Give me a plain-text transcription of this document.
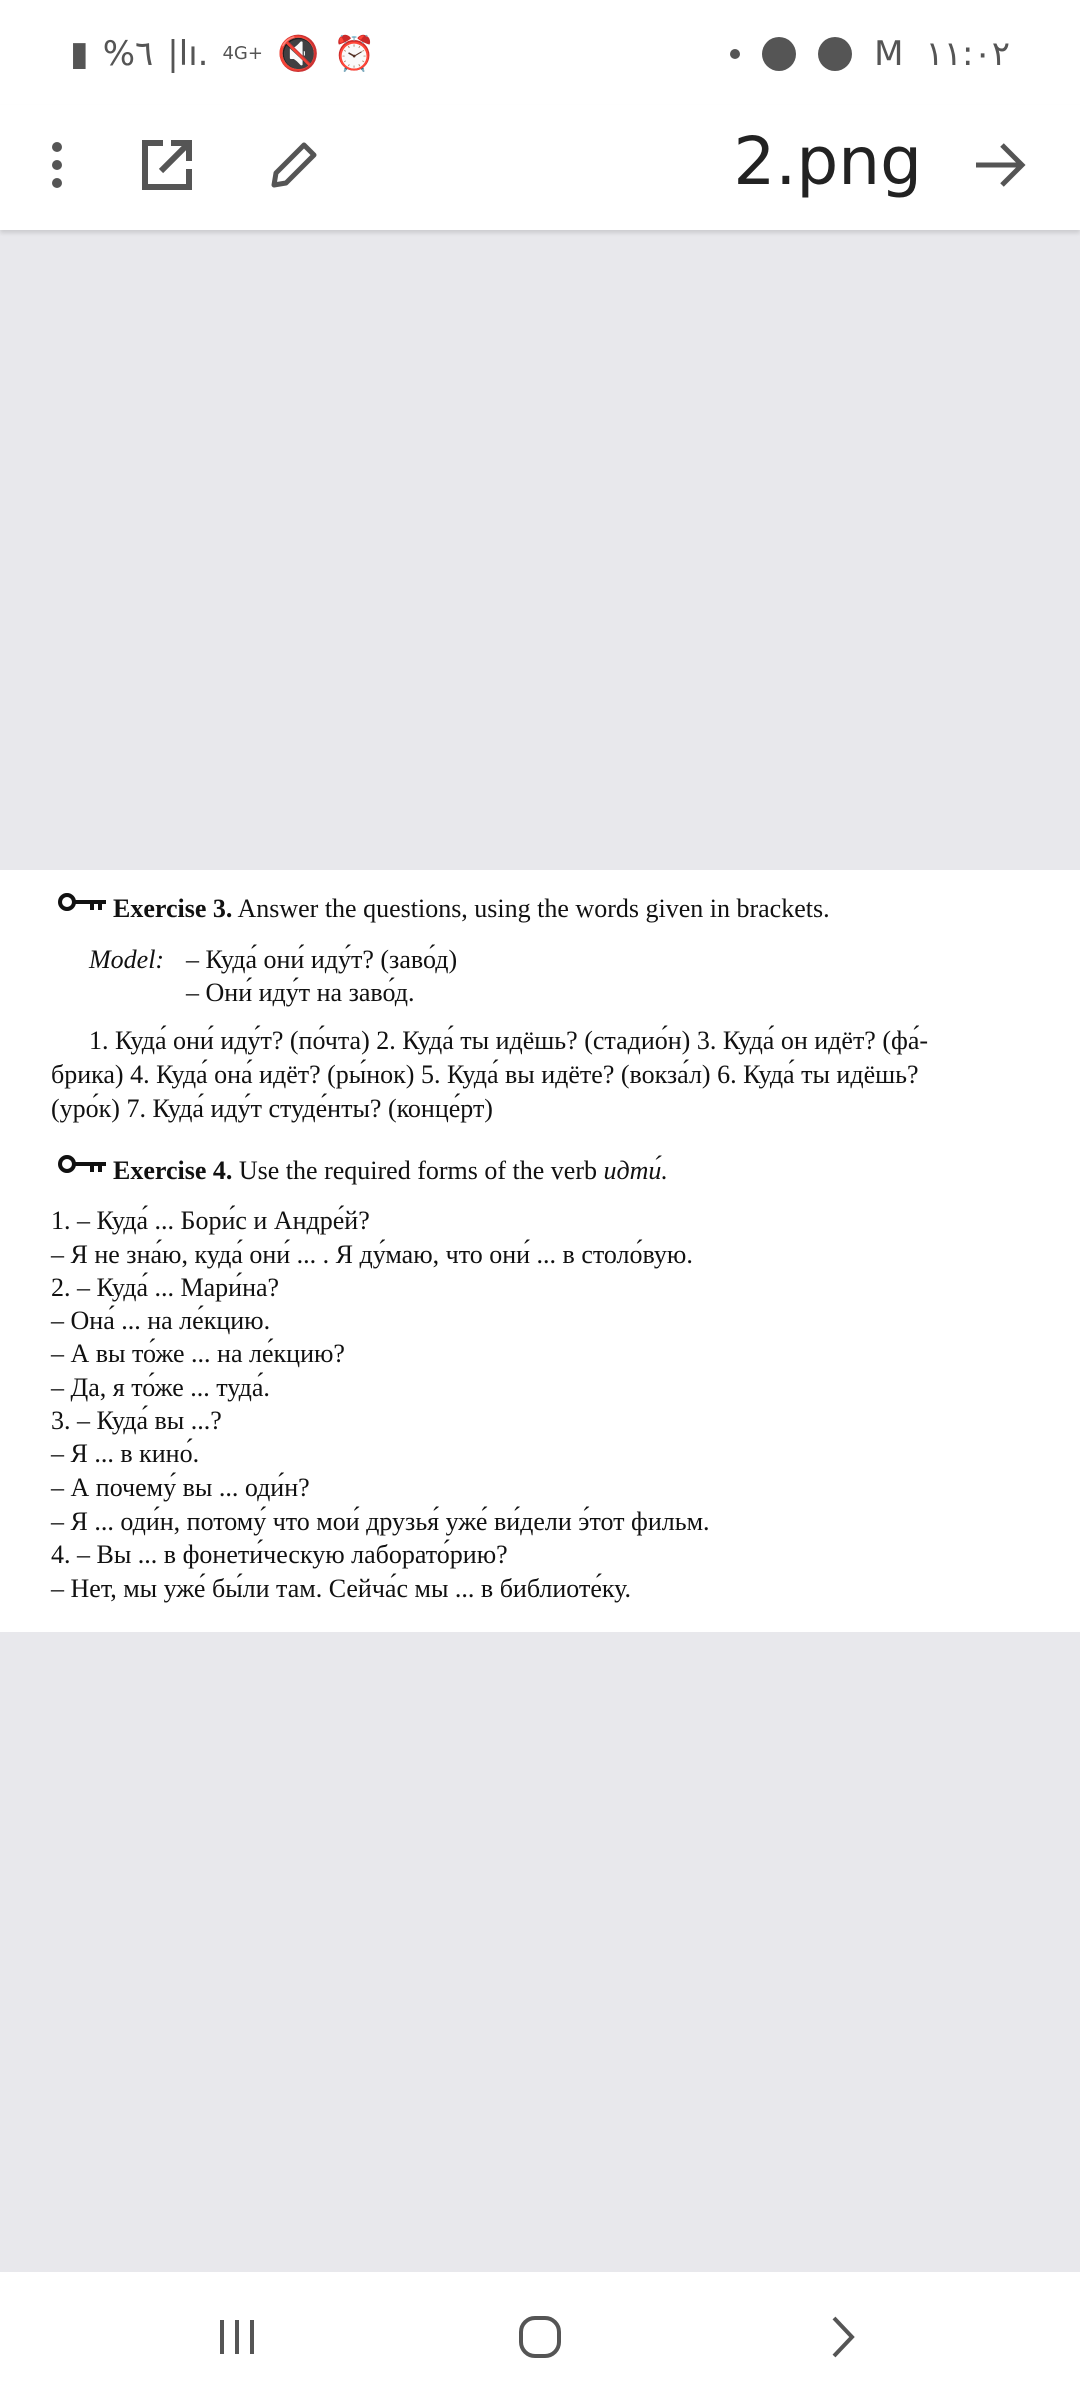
▮ %٦ |lı. 4G+ 🔇 ⏰	M ١١:٠٢
2.png
Exercise 3. Answer the questions, using the words given in brackets.
Model: – Куда́ они́ иду́т? (заво́д)
– Они́ иду́т на заво́д.
1. Куда́ они́ иду́т? (по́чта) 2. Куда́ ты идёшь? (стадио́н) 3. Куда́ он идёт? (фа́-
брика) 4. Куда́ она́ идёт? (ры́нок) 5. Куда́ вы идёте? (вокза́л) 6. Куда́ ты идёшь?
(уро́к) 7. Куда́ иду́т студе́нты? (конце́рт)
Exercise 4. Use the required forms of the verb идти́.
1. – Куда́ ... Бори́с и Андре́й?
– Я не зна́ю, куда́ они́ ... . Я ду́маю, что они́ ... в столо́вую.
2. – Куда́ ... Мари́на?
– Она́ ... на ле́кцию.
– А вы то́же ... на ле́кцию?
– Да, я то́же ... туда́.
3. – Куда́ вы ...?
– Я ... в кино́.
– А почему́ вы ... оди́н?
– Я ... оди́н, потому́ что мои́ друзья́ уже́ ви́дели э́тот фильм.
4. – Вы ... в фонети́ческую лаборато́рию?
– Нет, мы уже́ бы́ли там. Сейча́с мы ... в библиоте́ку.
